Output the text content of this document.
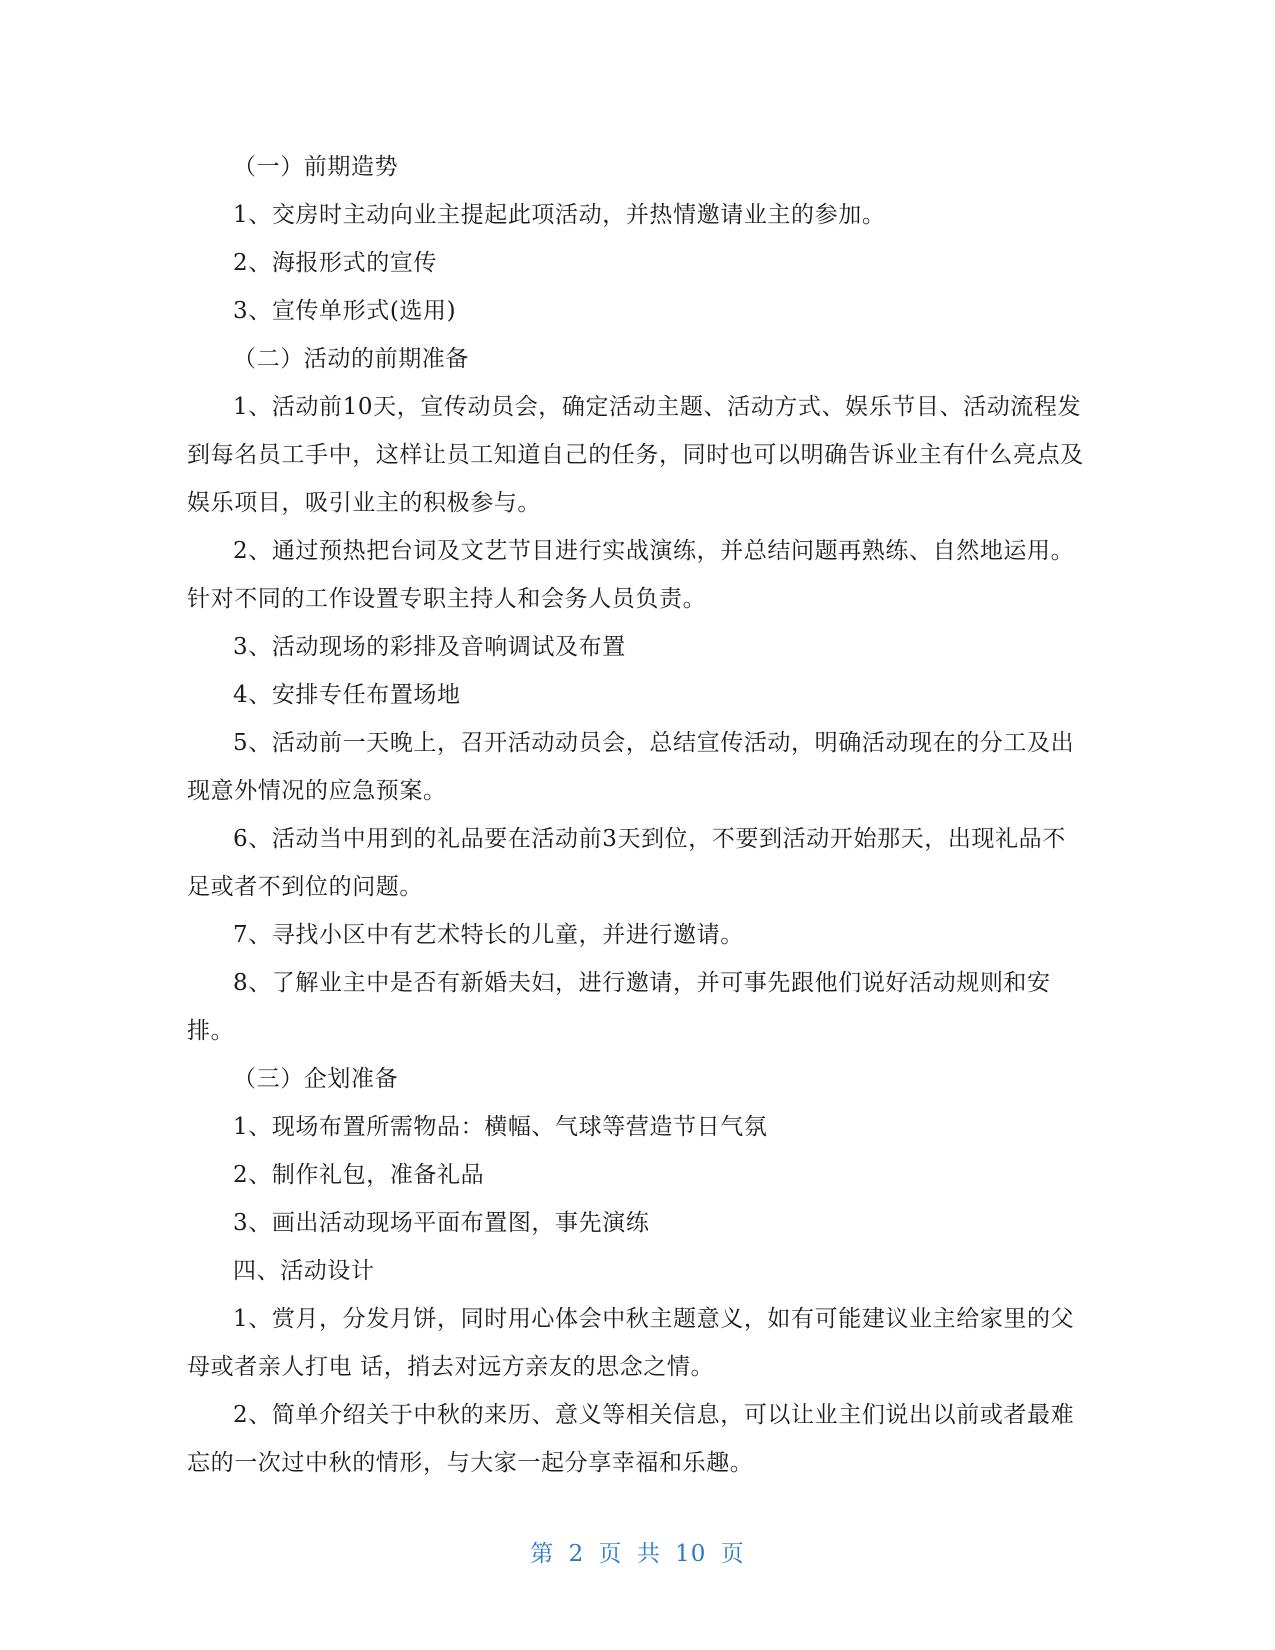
（一）前期造势

1、交房时主动向业主提起此项活动，并热情邀请业主的参加。

2、海报形式的宣传

3、宣传单形式(选用)

（二）活动的前期准备

1、活动前10天，宣传动员会，确定活动主题、活动方式、娱乐节目、活动流程发到每名员工手中，这样让员工知道自己的任务，同时也可以明确告诉业主有什么亮点及娱乐项目，吸引业主的积极参与。

2、通过预热把台词及文艺节目进行实战演练，并总结问题再熟练、自然地运用。针对不同的工作设置专职主持人和会务人员负责。

3、活动现场的彩排及音响调试及布置

4、安排专任布置场地

5、活动前一天晚上，召开活动动员会，总结宣传活动，明确活动现在的分工及出现意外情况的应急预案。

6、活动当中用到的礼品要在活动前3天到位，不要到活动开始那天，出现礼品不足或者不到位的问题。

7、寻找小区中有艺术特长的儿童，并进行邀请。

8、了解业主中是否有新婚夫妇，进行邀请，并可事先跟他们说好活动规则和安排。

（三）企划准备

1、现场布置所需物品：横幅、气球等营造节日气氛

2、制作礼包，准备礼品

3、画出活动现场平面布置图，事先演练

四、活动设计

1、赏月，分发月饼，同时用心体会中秋主题意义，如有可能建议业主给家里的父母或者亲人打电 话，捎去对远方亲友的思念之情。

2、简单介绍关于中秋的来历、意义等相关信息，可以让业主们说出以前或者最难忘的一次过中秋的情形，与大家一起分享幸福和乐趣。

第 2 页 共 10 页
